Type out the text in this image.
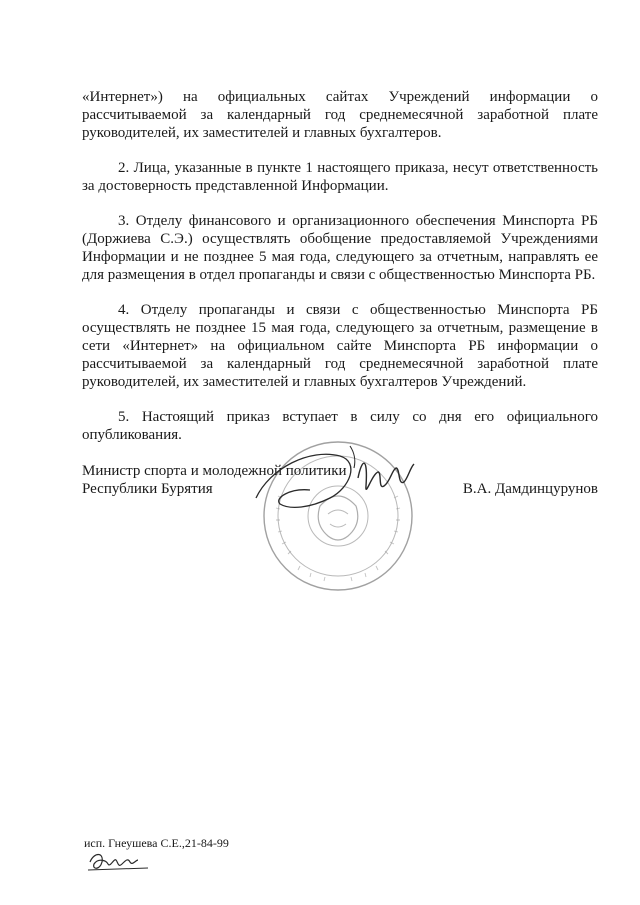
«Интернет») на официальных сайтах Учреждений информации о рассчитываемой за календарный год среднемесячной заработной плате руководителей, их заместителей и главных бухгалтеров.

2. Лица, указанные в пункте 1 настоящего приказа, несут ответственность за достоверность представленной Информации.

3. Отделу финансового и организационного обеспечения Минспорта РБ (Доржиева С.Э.) осуществлять обобщение предоставляемой Учреждениями Информации и не позднее 5 мая года, следующего за отчетным, направлять ее для размещения в отдел пропаганды и связи с общественностью Минспорта РБ.

4. Отделу пропаганды и связи с общественностью Минспорта РБ осуществлять не позднее 15 мая года, следующего за отчетным, размещение в сети «Интернет» на официальном сайте Минспорта РБ информации о рассчитываемой за календарный год среднемесячной заработной плате руководителей, их заместителей и главных бухгалтеров Учреждений.

5. Настоящий приказ вступает в силу со дня его официального опубликования.

Министр спорта и молодежной политики
Республики Бурятия	В.А. Дамдинцурунов
исп. Гнеушева С.Е.,21-84-99
